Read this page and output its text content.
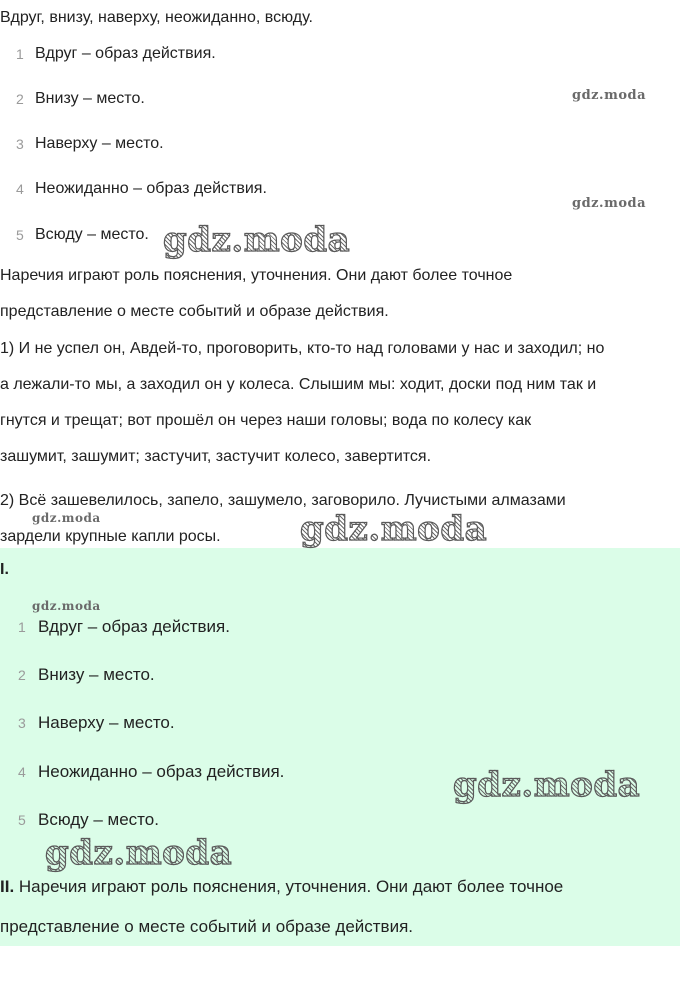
Вдруг, внизу, наверху, неожиданно, всюду.
1 Вдруг – образ действия.
2 Внизу – место.
3 Наверху – место.
4 Неожиданно – образ действия.
5 Всюду – место.
Наречия играют роль пояснения, уточнения. Они дают более точное
представление о месте событий и образе действия.
1) И не успел он, Авдей-то, проговорить, кто-то над головами у нас и заходил; но
а лежали-то мы, а заходил он у колеса. Слышим мы: ходит, доски под ним так и
гнутся и трещат; вот прошёл он через наши головы; вода по колесу как
зашумит, зашумит; застучит, застучит колесо, завертится.
2) Всё зашевелилось, запело, зашумело, заговорило. Лучистыми алмазами
зардели крупные капли росы.
I.
1 Вдруг – образ действия.
2 Внизу – место.
3 Наверху – место.
4 Неожиданно – образ действия.
5 Всюду – место.
II. Наречия играют роль пояснения, уточнения. Они дают более точное
представление о месте событий и образе действия.
gdz.moda
gdz.moda
gdz.moda
gdz.moda	gdz.moda
gdz.moda
gdz.moda
gdz.moda
